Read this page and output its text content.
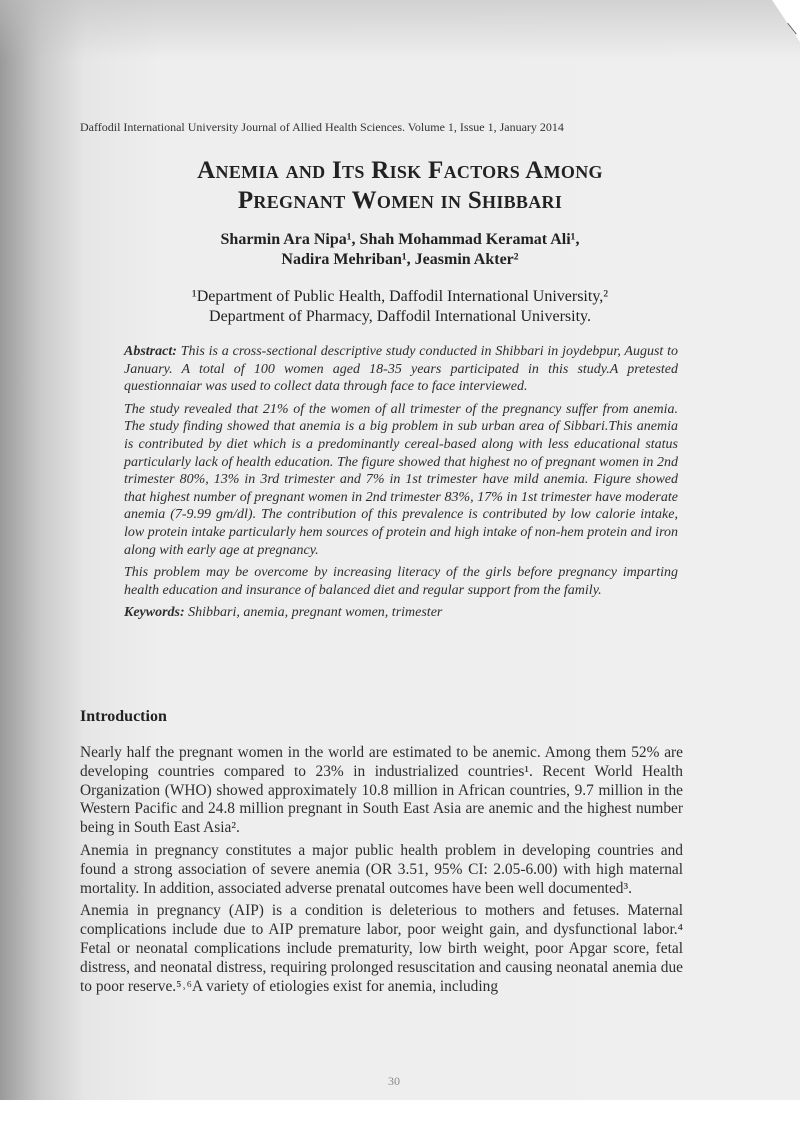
Daffodil International University Journal of Allied Health Sciences. Volume 1, Issue 1, January 2014
Anemia and Its Risk Factors Among
Pregnant Women in Shibbari
Sharmin Ara Nipa¹, Shah Mohammad Keramat Ali¹,
Nadira Mehriban¹, Jeasmin Akter²
¹Department of Public Health, Daffodil International University,²
Department of Pharmacy, Daffodil International University.

Abstract: This is a cross-sectional descriptive study conducted in Shibbari in joydebpur, August to January. A total of 100 women aged 18-35 years participated in this study.A pretested questionnaiar was used to collect data through face to face interviewed.

The study revealed that 21% of the women of all trimester of the pregnancy suffer from anemia. The study finding showed that anemia is a big problem in sub urban area of Sibbari.This anemia is contributed by diet which is a predominantly cereal-based along with less educational status particularly lack of health education. The figure showed that highest no of pregnant women in 2nd trimester 80%, 13% in 3rd trimester and 7% in 1st trimester have mild anemia. Figure showed that highest number of pregnant women in 2nd trimester 83%, 17% in 1st trimester have moderate anemia (7-9.99 gm/dl). The contribution of this prevalence is contributed by low calorie intake, low protein intake particularly hem sources of protein and high intake of non-hem protein and iron along with early age at pregnancy.

This problem may be overcome by increasing literacy of the girls before pregnancy imparting health education and insurance of balanced diet and regular support from the family.

Keywords: Shibbari, anemia, pregnant women, trimester

Introduction

Nearly half the pregnant women in the world are estimated to be anemic. Among them 52% are developing countries compared to 23% in industrialized countries¹. Recent World Health Organization (WHO) showed approximately 10.8 million in African countries, 9.7 million in the Western Pacific and 24.8 million pregnant in South East Asia are anemic and the highest number being in South East Asia².

Anemia in pregnancy constitutes a major public health problem in developing countries and found a strong association of severe anemia (OR 3.51, 95% CI: 2.05-6.00) with high maternal mortality. In addition, associated adverse prenatal outcomes have been well documented³.

Anemia in pregnancy (AIP) is a condition is deleterious to mothers and fetuses. Maternal complications include due to AIP premature labor, poor weight gain, and dysfunctional labor.⁴ Fetal or neonatal complications include prematurity, low birth weight, poor Apgar score, fetal distress, and neonatal distress, requiring prolonged resuscitation and causing neonatal anemia due to poor reserve.⁵˒⁶A variety of etiologies exist for anemia, including

30
